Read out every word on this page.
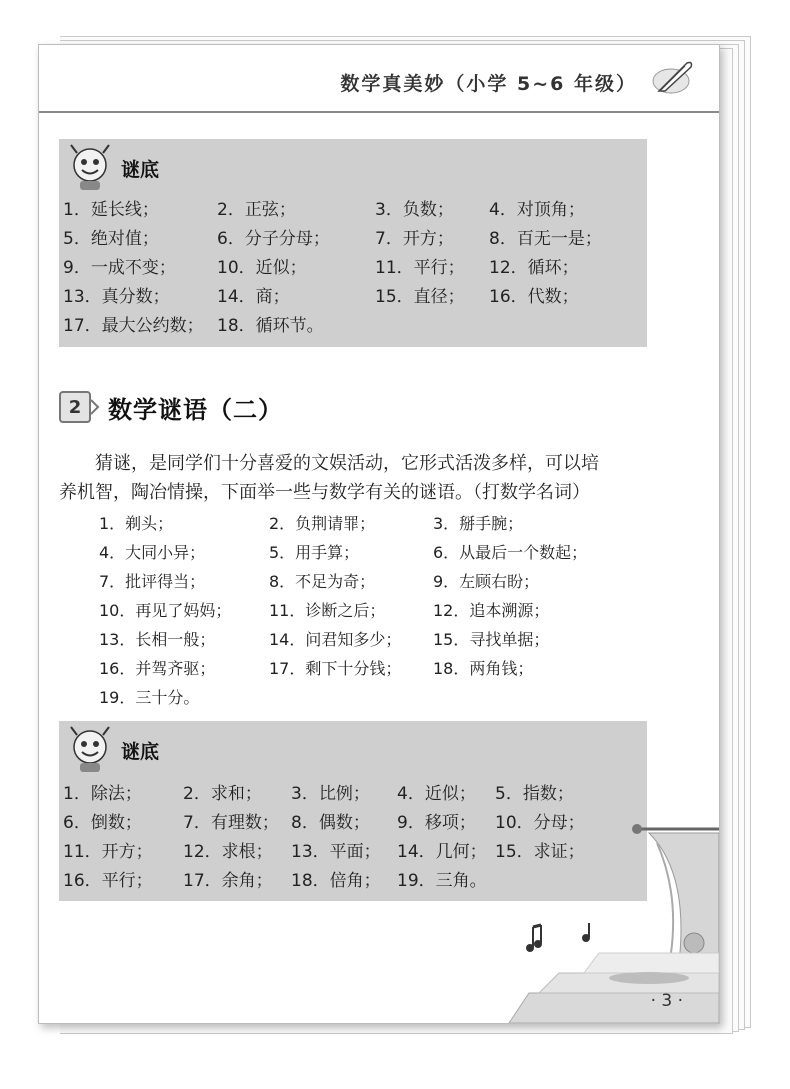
数学真美妙（小学 5~6 年级）
谜底
1．延长线；	2．正弦；	3．负数； 4．对顶角；
5．绝对值；	6．分子分母；	7．开方； 8．百无一是；
9．一成不变； 10．近似；	11．平行； 12．循环；
13．真分数；	14．商；	15．直径； 16．代数；
17．最大公约数； 18．循环节。
2 数学谜语（二）
猜谜，是同学们十分喜爱的文娱活动，它形式活泼多样，可以培
养机智，陶冶情操，下面举一些与数学有关的谜语。（打数学名词）
1．剃头；	2．负荆请罪；	3．掰手腕；
4．大同小异；	5．用手算；	6．从最后一个数起；
7．批评得当；	8．不足为奇；	9．左顾右盼；
10．再见了妈妈； 11．诊断之后；	12．追本溯源；
13．长相一般；	14．问君知多少； 15．寻找单据；
16．并驾齐驱；	17．剩下十分钱； 18．两角钱；
19．三十分。
谜底
1．除法； 2．求和； 3．比例； 4．近似； 5．指数；
6．倒数； 7．有理数； 8．偶数； 9．移项； 10．分母；
11．开方； 12．求根； 13．平面； 14．几何； 15．求证；
16．平行； 17．余角； 18．倍角； 19．三角。
· 3 ·
